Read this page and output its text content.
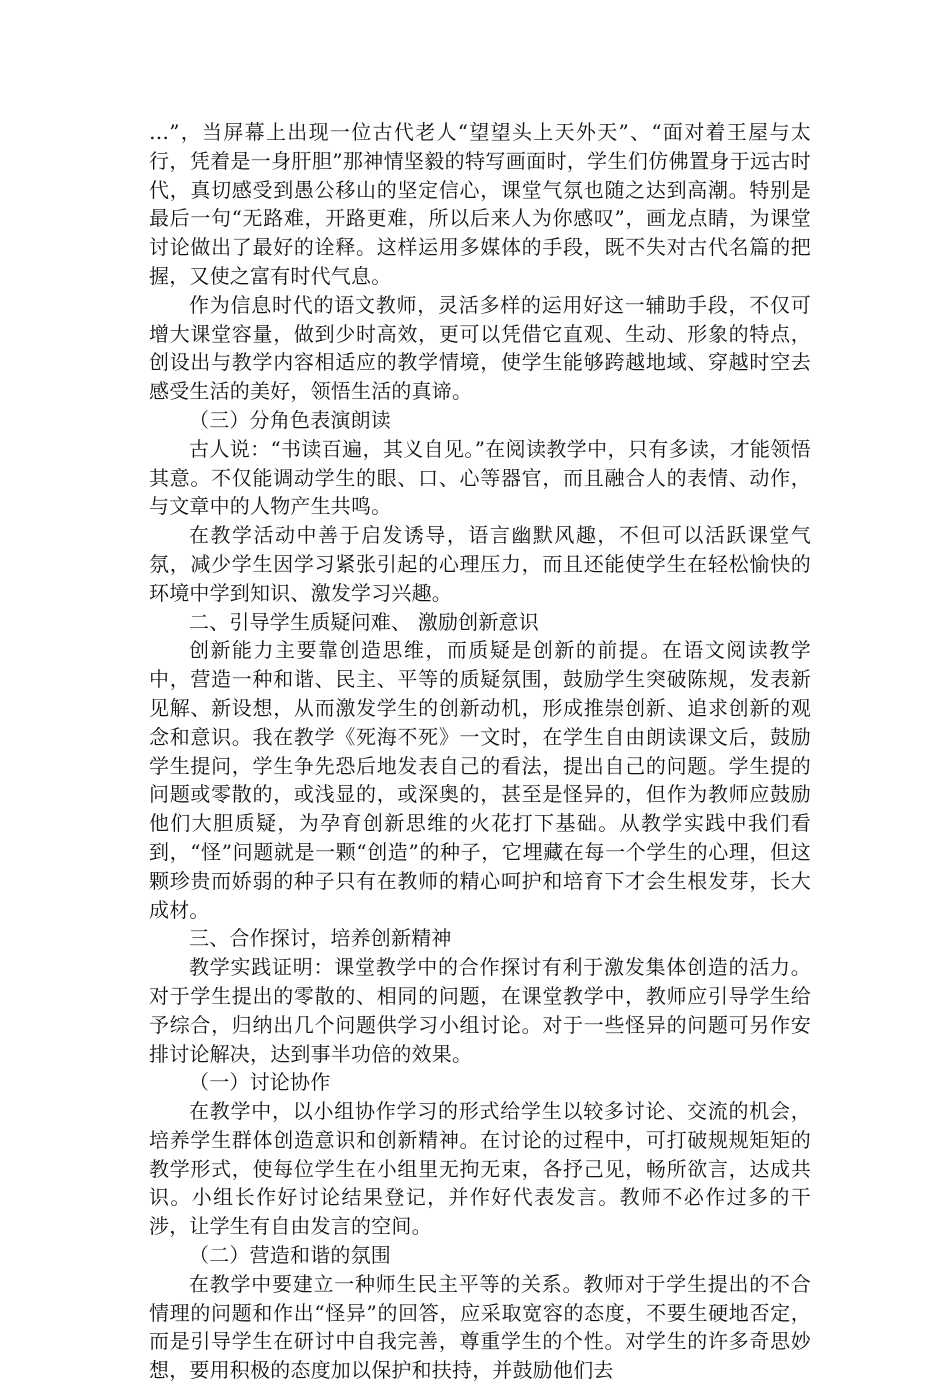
…”，当屏幕上出现一位古代老人“望望头上天外天”、“面对着王屋与太行，凭着是一身肝胆”那神情坚毅的特写画面时，学生们仿佛置身于远古时代，真切感受到愚公移山的坚定信心，课堂气氛也随之达到高潮。特别是最后一句“无路难，开路更难，所以后来人为你感叹”，画龙点睛，为课堂讨论做出了最好的诠释。这样运用多媒体的手段，既不失对古代名篇的把握，又使之富有时代气息。

作为信息时代的语文教师，灵活多样的运用好这一辅助手段，不仅可增大课堂容量，做到少时高效，更可以凭借它直观、生动、形象的特点，创设出与教学内容相适应的教学情境，使学生能够跨越地域、穿越时空去感受生活的美好，领悟生活的真谛。

（三）分角色表演朗读

古人说：“书读百遍，其义自见。”在阅读教学中，只有多读，才能领悟其意。不仅能调动学生的眼、口、心等器官，而且融合人的表情、动作，与文章中的人物产生共鸣。

在教学活动中善于启发诱导，语言幽默风趣，不但可以活跃课堂气氛，减少学生因学习紧张引起的心理压力，而且还能使学生在轻松愉快的环境中学到知识、激发学习兴趣。

二、引导学生质疑问难、 激励创新意识

创新能力主要靠创造思维，而质疑是创新的前提。在语文阅读教学中，营造一种和谐、民主、平等的质疑氛围，鼓励学生突破陈规，发表新见解、新设想，从而激发学生的创新动机，形成推崇创新、追求创新的观念和意识。我在教学《死海不死》一文时，在学生自由朗读课文后，鼓励学生提问，学生争先恐后地发表自己的看法，提出自己的问题。学生提的问题或零散的，或浅显的，或深奥的，甚至是怪异的，但作为教师应鼓励他们大胆质疑，为孕育创新思维的火花打下基础。从教学实践中我们看到，“怪”问题就是一颗“创造”的种子，它埋藏在每一个学生的心理，但这颗珍贵而娇弱的种子只有在教师的精心呵护和培育下才会生根发芽，长大成材。

三、合作探讨，培养创新精神

教学实践证明：课堂教学中的合作探讨有利于激发集体创造的活力。对于学生提出的零散的、相同的问题，在课堂教学中，教师应引导学生给予综合，归纳出几个问题供学习小组讨论。对于一些怪异的问题可另作安排讨论解决，达到事半功倍的效果。

（一）讨论协作

在教学中，以小组协作学习的形式给学生以较多讨论、交流的机会，培养学生群体创造意识和创新精神。在讨论的过程中，可打破规规矩矩的教学形式，使每位学生在小组里无拘无束，各抒己见，畅所欲言，达成共识。小组长作好讨论结果登记，并作好代表发言。教师不必作过多的干涉，让学生有自由发言的空间。

（二）营造和谐的氛围

在教学中要建立一种师生民主平等的关系。教师对于学生提出的不合情理的问题和作出“怪异”的回答，应采取宽容的态度，不要生硬地否定，而是引导学生在研讨中自我完善，尊重学生的个性。对学生的许多奇思妙想，要用积极的态度加以保护和扶持，并鼓励他们去
